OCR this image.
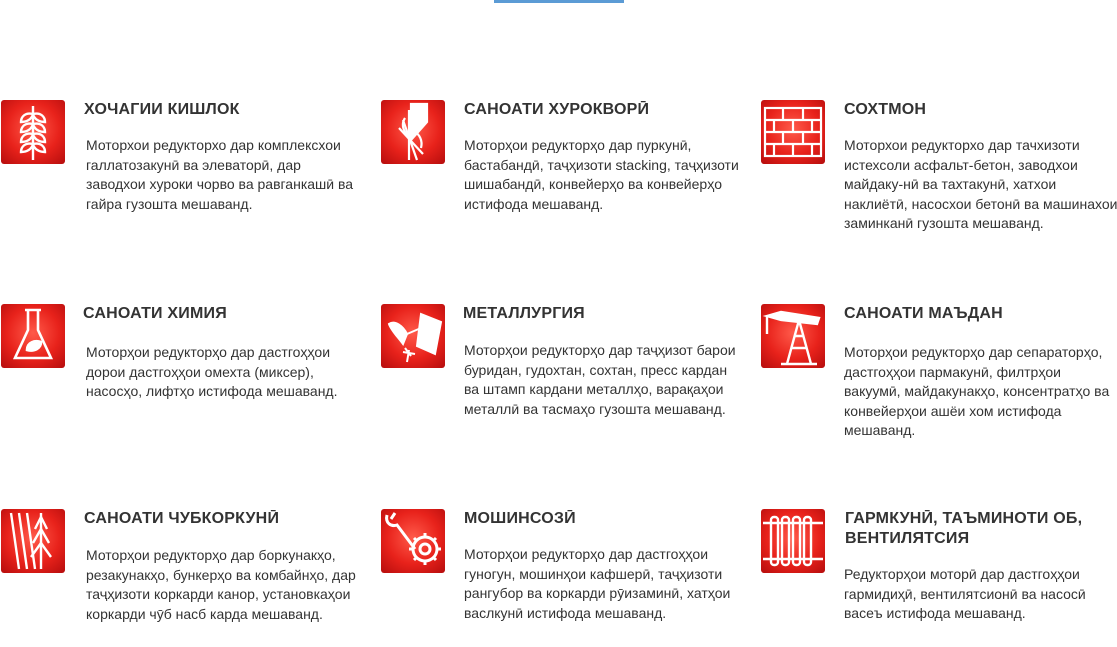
ХОЧАГИИ КИШЛОК
Моторхои редукторхо дар комплексхои галлатозакунӣ ва элеваторӣ, дар заводхои хуроки чорво ва равганкашӣ ва гайра гузошта мешаванд.
САНОАТИ ХУРОКВОРӢ
Моторҳои редукторҳо дар пуркунӣ, бастабандӣ, таҷҳизоти stacking, таҷҳизоти шишабандӣ, конвейерҳо ва конвейерҳо истифода мешаванд.
СОХТМОН
Моторхои редукторхо дар тачхизоти истехсоли асфальт-бетон, заводхои майдаку-нӣ ва тахтакунӣ, хатхои наклиётӣ, насосхои бетонӣ ва машинахои заминканӣ гузошта мешаванд.
САНОАТИ ХИМИЯ
Моторҳои редукторҳо дар дастгоҳҳои дорои дастгоҳҳои омехта (миксер), насосҳо, лифтҳо истифода мешаванд.
МЕТАЛЛУРГИЯ
Моторҳои редукторҳо дар таҷҳизот барои буридан, гудохтан, сохтан, пресс кардан ва штамп кардани металлҳо, варақаҳои металлӣ ва тасмаҳо гузошта мешаванд.
САНОАТИ МАЪДАН
Моторҳои редукторҳо дар сепараторҳо, дастгоҳҳои пармакунӣ, филтрҳои вакуумӣ, майдакунакҳо, консентратҳо ва конвейерҳои ашёи хом истифода мешаванд.
САНОАТИ ЧУБКОРКУНӢ
Моторҳои редукторҳо дар боркунакҳо, резакунакҳо, бункерҳо ва комбайнҳо, дар таҷҳизоти коркарди канор, установкаҳои коркарди чӯб насб карда мешаванд.
МОШИНСОЗӢ
Моторҳои редукторҳо дар дастгоҳҳои гуногун, мошинҳои кафшерӣ, таҷҳизоти рангубор ва коркарди рӯизаминӣ, хатҳои васлкунӣ истифода мешаванд.
ГАРМКУНӢ, ТАЪМИНОТИ ОБ, ВЕНТИЛЯТСИЯ
Редукторҳои моторӣ дар дастгоҳҳои гармидиҳӣ, вентилятсионӣ ва насосӣ васеъ истифода мешаванд.
